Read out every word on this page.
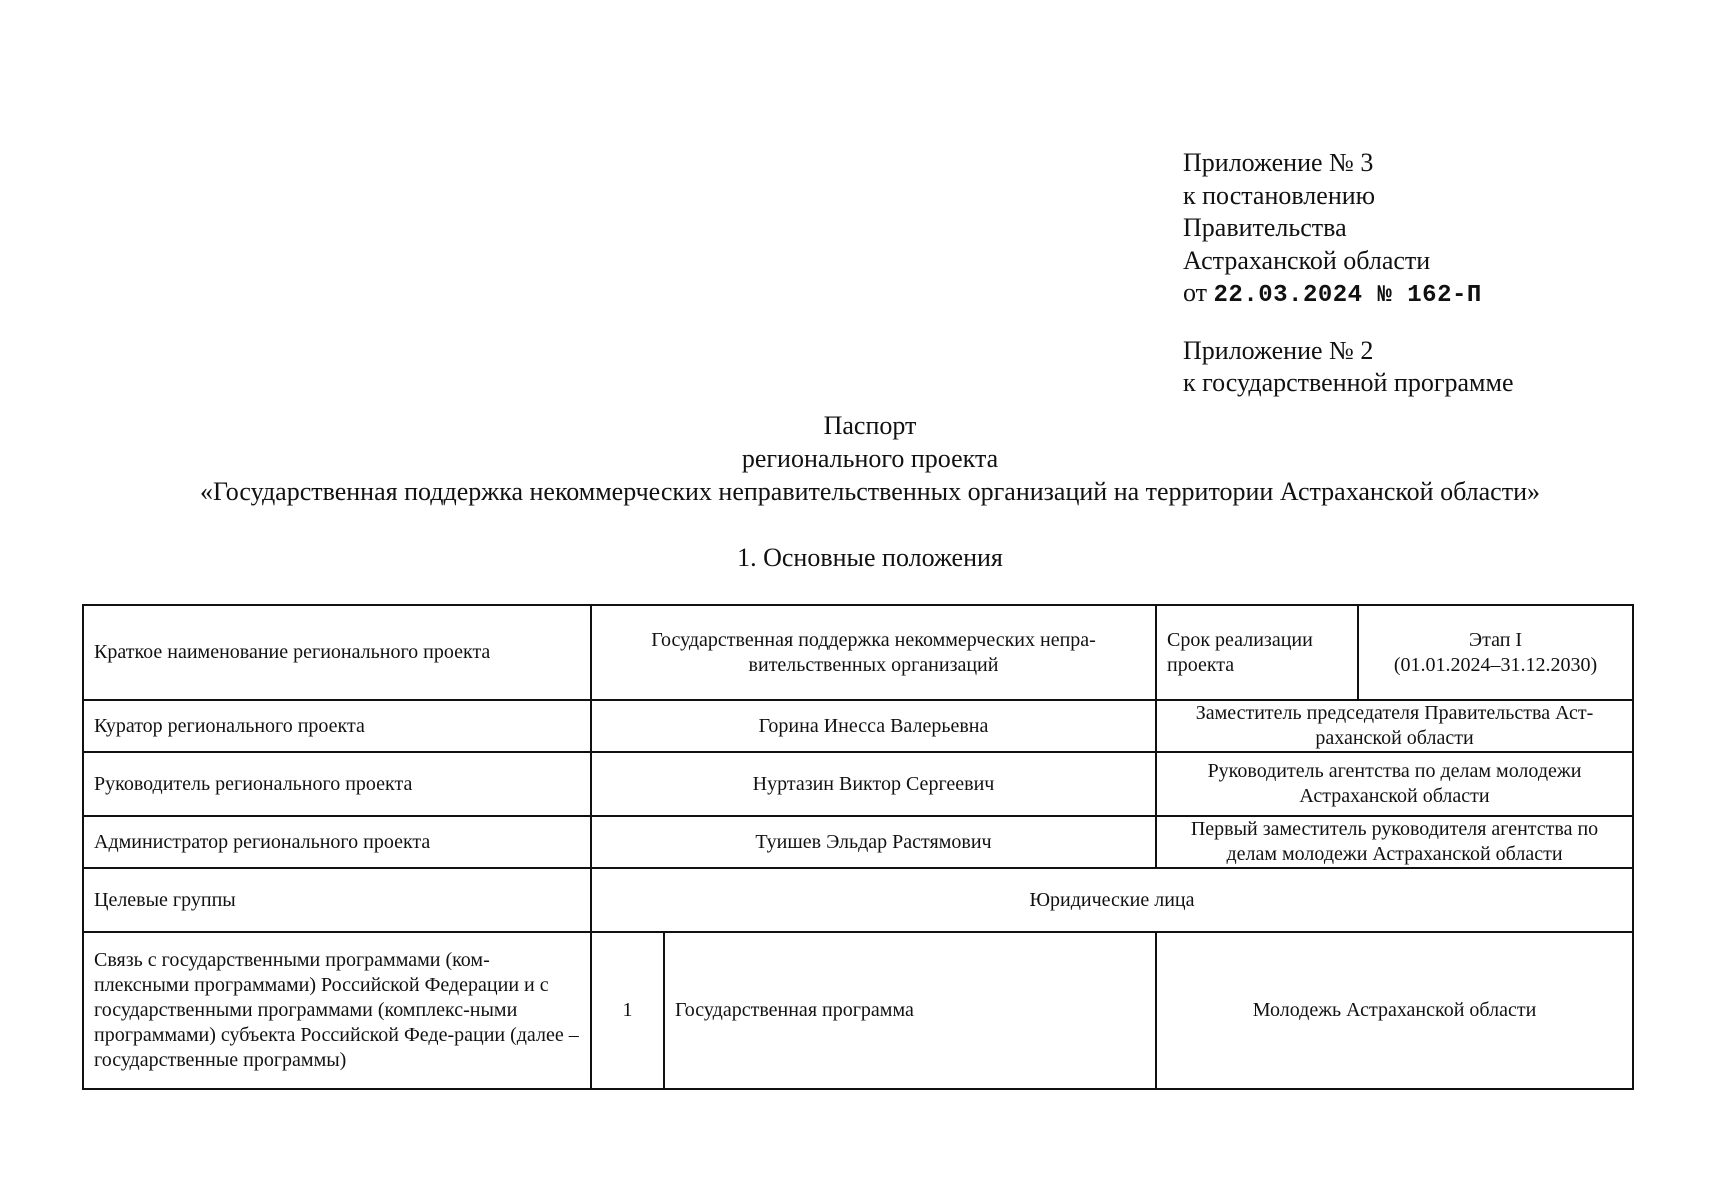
Приложение № 3
к постановлению
Правительства
Астраханской области
от 22.03.2024 № 162-П
Приложение № 2
к государственной программе
Паспорт
регионального проекта
«Государственная поддержка некоммерческих неправительственных организаций на территории Астраханской области»
1. Основные положения
Краткое наименование регионального проекта	Государственная поддержка некоммерческих непра-вительственных организаций		Срок реализации проекта	Этап I
(01.01.2024–31.12.2030)

Куратор регионального проекта	Горина Инесса Валерьевна		Заместитель председателя Правительства Аст-раханской области	
Руководитель регионального проекта	Нуртазин Виктор Сергеевич		Руководитель агентства по делам молодежи Астраханской области	
Администратор регионального проекта	Туишев Эльдар Растямович		Первый заместитель руководителя агентства по делам молодежи Астраханской области	
Целевые группы	Юридические лица			
Связь с государственными программами (ком-плексными программами) Российской Федерации и с государственными программами (комплекс-ными программами) субъекта Российской Феде-рации (далее – государственные программы)	1	Государственная программа	Молодежь Астраханской области	
